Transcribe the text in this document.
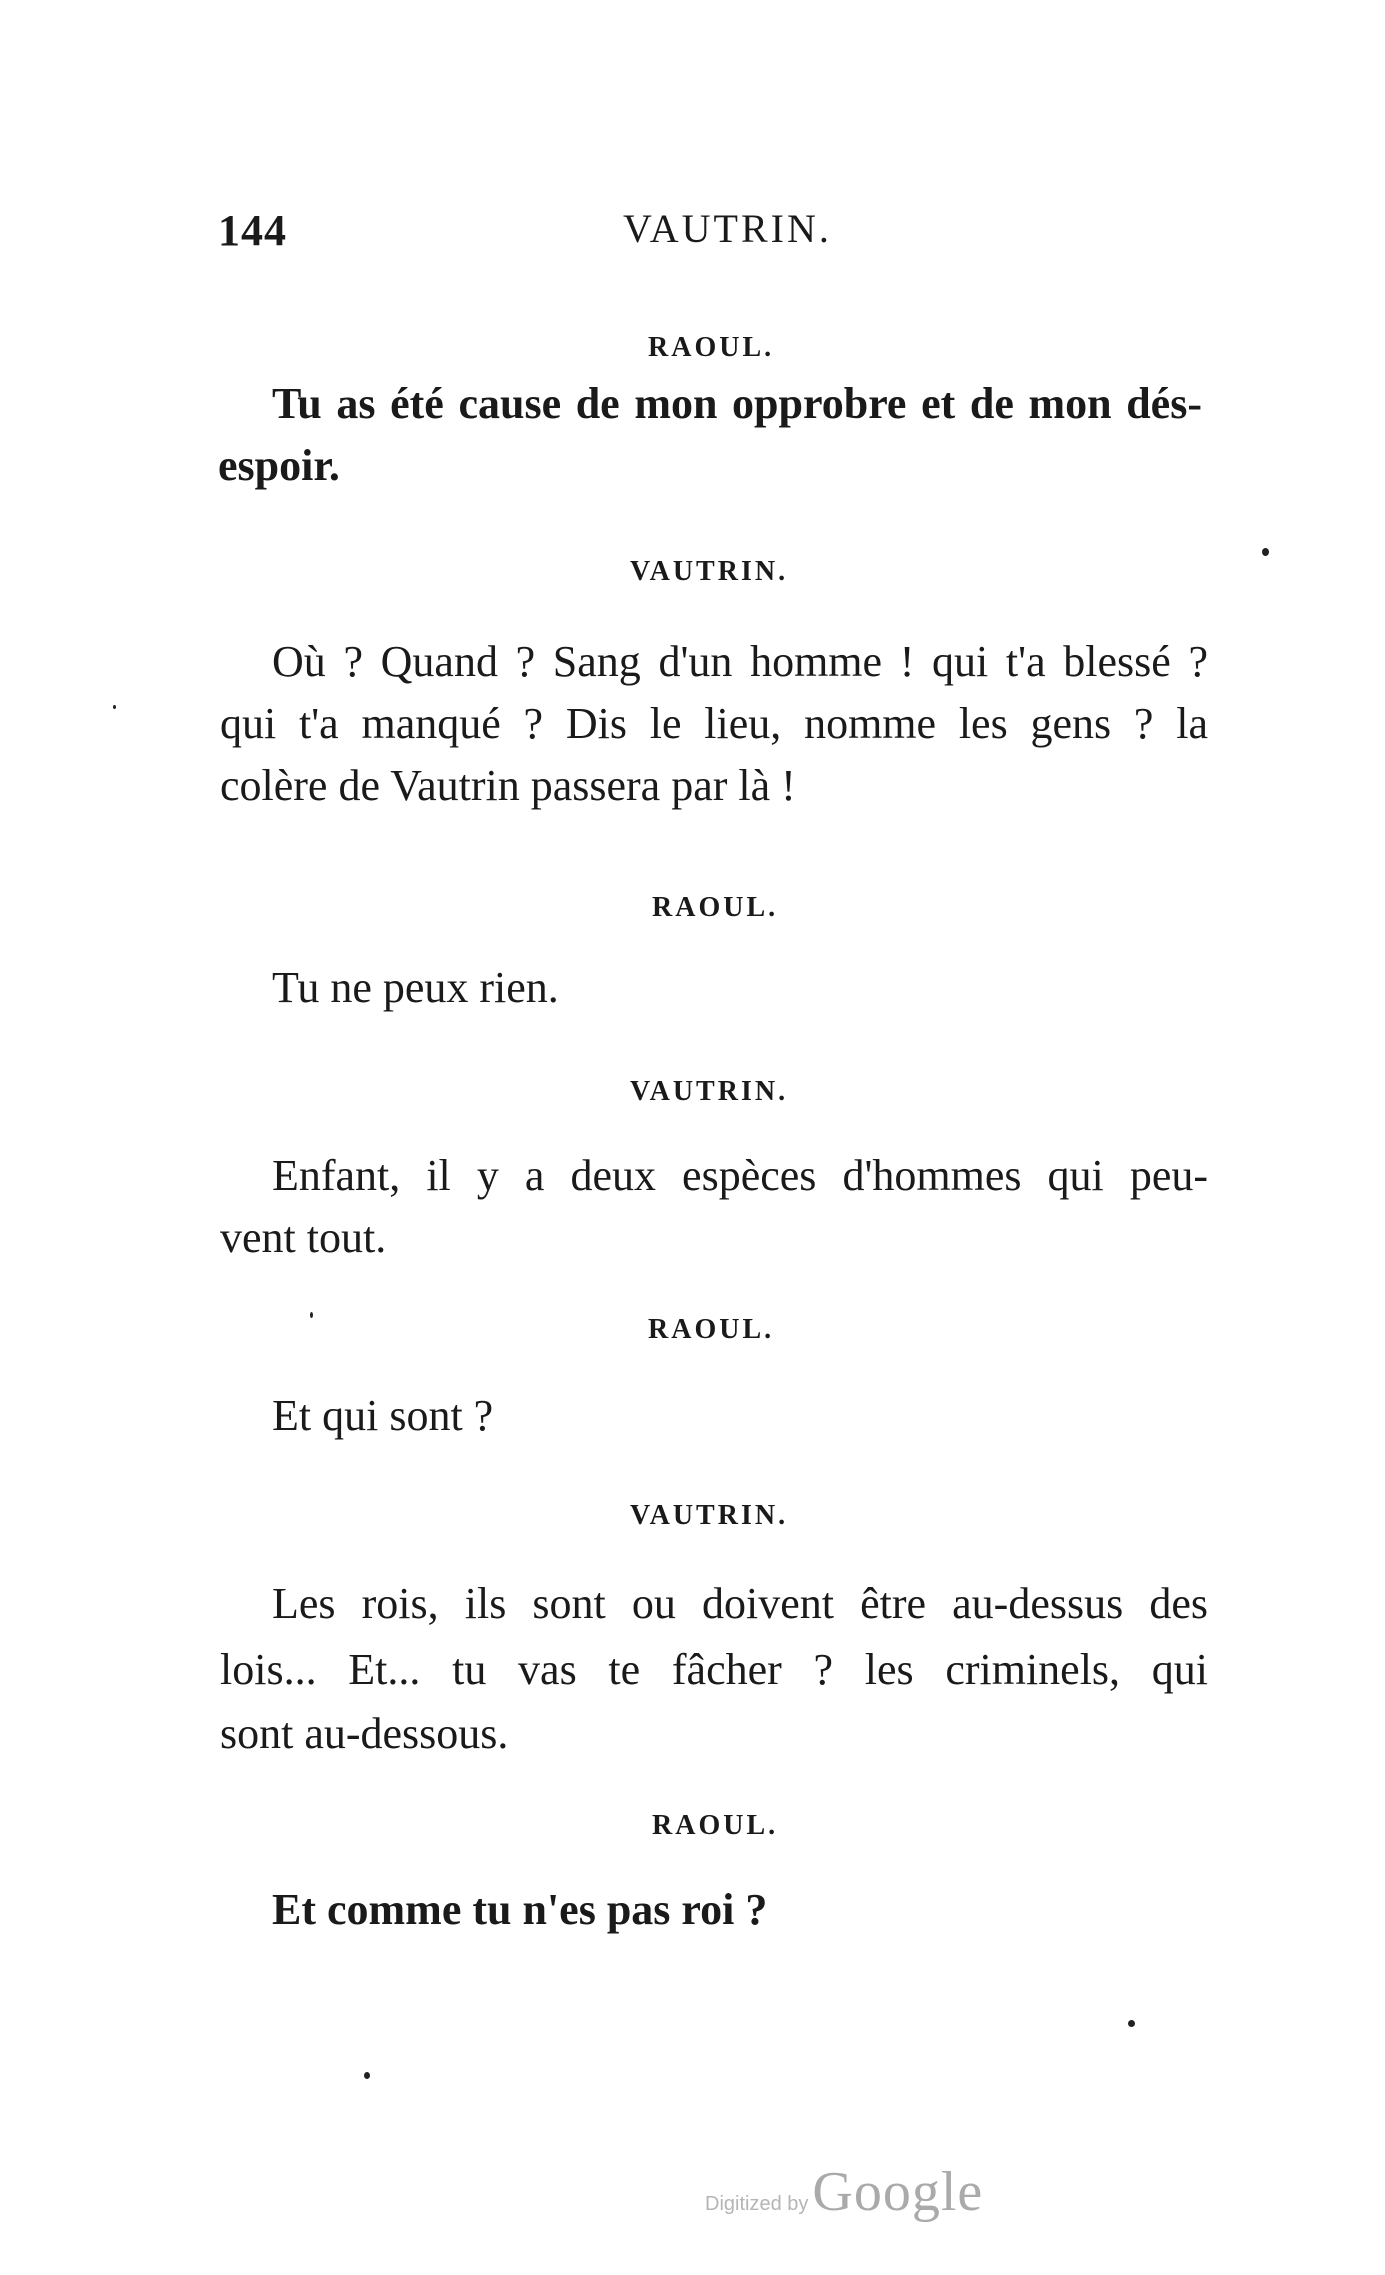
144	VAUTRIN.
RAOUL.
Tu as été cause de mon opprobre et de mon dés-
espoir.
VAUTRIN.
Où ? Quand ? Sang d'un homme ! qui t'a blessé ?
qui t'a manqué ? Dis le lieu, nomme les gens ? la
colère de Vautrin passera par là !
RAOUL.
Tu ne peux rien.
VAUTRIN.
Enfant, il y a deux espèces d'hommes qui peu-
vent tout.
RAOUL.
Et qui sont ?
VAUTRIN.
Les rois, ils sont ou doivent être au-dessus des
lois... Et... tu vas te fâcher ? les criminels, qui
sont au-dessous.
RAOUL.
Et comme tu n'es pas roi ?
Digitized by Google
